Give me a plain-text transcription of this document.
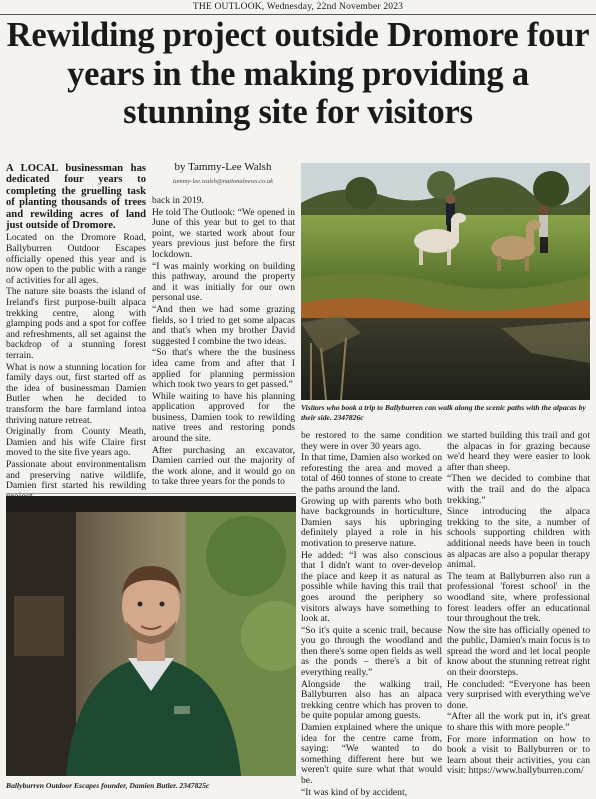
THE OUTLOOK, Wednesday, 22nd November 2023
Rewilding project outside Dromore four years in the making providing a stunning site for visitors

A LOCAL businessman has dedicated four years to completing the gruelling task of planting thousands of trees and rewilding acres of land just outside of Dromore.

Located on the Dromore Road, Ballyburren Outdoor Escapes officially opened this year and is now open to the public with a range of activities for all ages.

The nature site boasts the island of Ireland's first purpose-built alpaca trekking centre, along with glamping pods and a spot for coffee and refreshments, all set against the backdrop of a stunning forest terrain.

What is now a stunning location for family days out, first started off as the idea of businessman Damien Butler when he decided to transform the bare farmland intoa thriving nature retreat.

Originally from County Meath, Damien and his wife Claire first moved to the site five years ago.

Passionate about environmentalism and preserving native wildlife, Damien first started his rewilding

by Tammy-Lee Walsh
tammy-lee.walsh@nationalnews.co.uk

back in 2019.

He told The Outlook: “We opened in June of this year but to get to that point, we started work about four years previous just before the first lockdown.

“I was mainly working on building this pathway, around the property and it was initially for our own personal use.

“And then we had some grazing fields, so I tried to get some alpacas and that's when my brother David suggested I combine the two ideas.

“So that's where the the business idea came from and after that I applied for planning permission which took two years to get passed.”

While waiting to have his planning application approved for the business, Damien took to rewilding native trees and restoring ponds around the site.

After purchasing an excavator, Damien carried out the majority of the work alone, and it would go on to take three years for the ponds to

Visitors who book a trip to Ballyburren can walk along the scenic paths with the alpacas by their side. 2347826c

be restored to the same condition they were in over 30 years ago.

In that time, Damien also worked on reforesting the area and moved a total of 460 tonnes of stone to create the paths around the land.

Growing up with parents who both have backgrounds in horticulture, Damien says his upbringing definitely played a role in his motivation to preserve nature.

He added: “I was also conscious that I didn't want to over-develop the place and keep it as natural as possible while having this trail that goes around the periphery so visitors always have something to look at.

“So it's quite a scenic trail, because you go through the woodland and then there's some open fields as well as the ponds – there's a bit of everything really.”

Alongside the walking trail, Ballyburren also has an alpaca trekking centre which has proven to be quite popular among guests.

Damien explained where the unique idea for the centre came from, saying: “We wanted to do something different here but we weren't quite sure what that would be.

“It was kind of by accident,

we started building this trail and got the alpacas in for grazing because we'd heard they were easier to look after than sheep.

“Then we decided to combine that with the trail and do the alpaca trekking.”

Since introducing the alpaca trekking to the site, a number of schools supporting children with additional needs have been in touch as alpacas are also a popular therapy animal.

The team at Ballyburren also run a professional 'forest school' in the woodland site, where professional forest leaders offer an educational tour throughout the trek.

Now the site has officially opened to the public, Damien's main focus is to spread the word and let local people know about the stunning retreat right on their doorsteps.

He concluded: “Everyone has been very surprised with everything we've done.

“After all the work put in, it's great to share this with more people.”

For more information on how to book a visit to Ballyburren or to learn about their activities, you can visit: https://www.ballyburren.com/

Ballyburren Outdoor Escapes founder, Damien Butler. 2347825c
